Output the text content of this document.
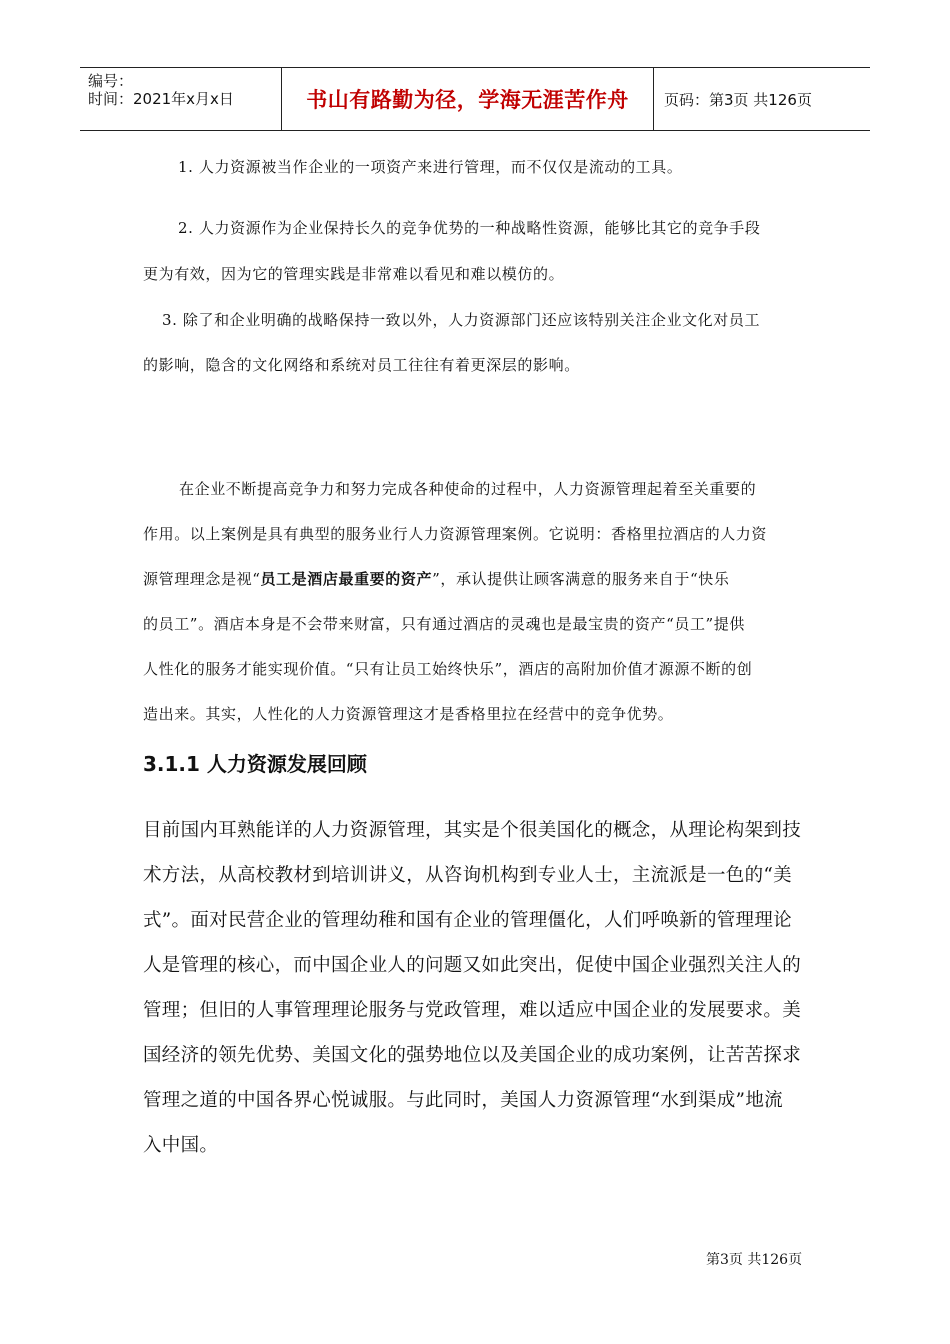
编号：
时间：2021年x月x日	书山有路勤为径，学海无涯苦作舟	页码：第3页 共126页
1. 人力资源被当作企业的一项资产来进行管理，而不仅仅是流动的工具。
2. 人力资源作为企业保持长久的竞争优势的一种战略性资源，能够比其它的竞争手段
更为有效，因为它的管理实践是非常难以看见和难以模仿的。
3. 除了和企业明确的战略保持一致以外，人力资源部门还应该特别关注企业文化对员工
的影响，隐含的文化网络和系统对员工往往有着更深层的影响。
在企业不断提高竞争力和努力完成各种使命的过程中，人力资源管理起着至关重要的
作用。以上案例是具有典型的服务业行人力资源管理案例。它说明：香格里拉酒店的人力资
源管理理念是视“员工是酒店最重要的资产”，承认提供让顾客满意的服务来自于“快乐
的员工”。酒店本身是不会带来财富，只有通过酒店的灵魂也是最宝贵的资产“员工”提供
人性化的服务才能实现价值。“只有让员工始终快乐”，酒店的高附加价值才源源不断的创
造出来。其实，人性化的人力资源管理这才是香格里拉在经营中的竞争优势。
3.1.1 人力资源发展回顾
目前国内耳熟能详的人力资源管理，其实是个很美国化的概念，从理论构架到技
术方法，从高校教材到培训讲义，从咨询机构到专业人士，主流派是一色的“美
式”。面对民营企业的管理幼稚和国有企业的管理僵化，人们呼唤新的管理理论
人是管理的核心，而中国企业人的问题又如此突出，促使中国企业强烈关注人的
管理；但旧的人事管理理论服务与党政管理，难以适应中国企业的发展要求。美
国经济的领先优势、美国文化的强势地位以及美国企业的成功案例，让苦苦探求
管理之道的中国各界心悦诚服。与此同时，美国人力资源管理“水到渠成”地流
入中国。
第3页 共126页
